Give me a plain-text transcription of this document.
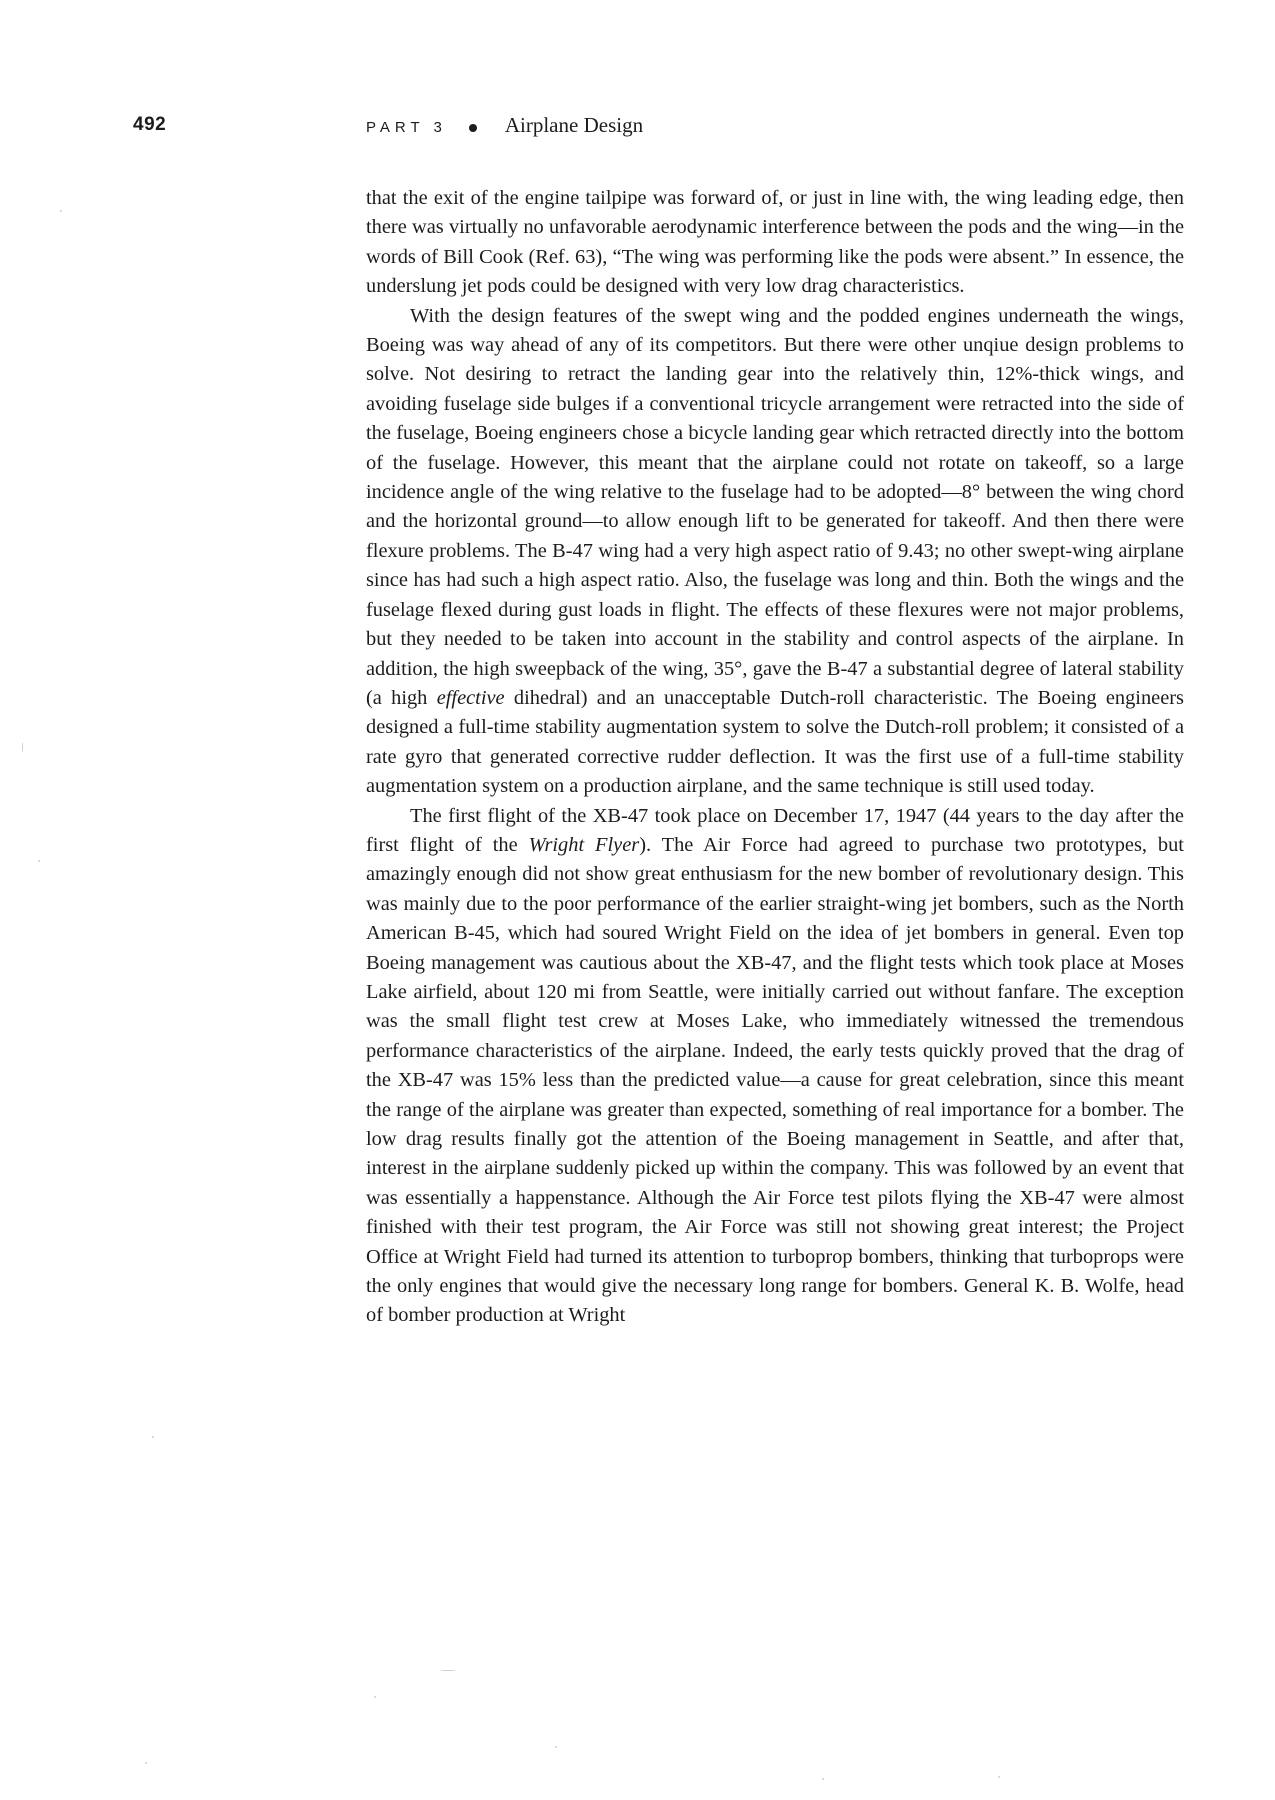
492	PART 3	Airplane Design

that the exit of the engine tailpipe was forward of, or just in line with, the wing leading edge, then there was virtually no unfavorable aerodynamic interference between the pods and the wing—in the words of Bill Cook (Ref. 63), “The wing was performing like the pods were absent.” In essence, the underslung jet pods could be designed with very low drag characteristics.

With the design features of the swept wing and the podded engines underneath the wings, Boeing was way ahead of any of its competitors. But there were other unqiue design problems to solve. Not desiring to retract the landing gear into the relatively thin, 12%-thick wings, and avoiding fuselage side bulges if a conventional tricycle arrangement were retracted into the side of the fuselage, Boeing engineers chose a bicycle landing gear which retracted directly into the bottom of the fuselage. However, this meant that the airplane could not rotate on takeoff, so a large incidence angle of the wing relative to the fuselage had to be adopted—8° between the wing chord and the horizontal ground—to allow enough lift to be generated for takeoff. And then there were flexure problems. The B-47 wing had a very high aspect ratio of 9.43; no other swept-wing airplane since has had such a high aspect ratio. Also, the fuselage was long and thin. Both the wings and the fuselage flexed during gust loads in flight. The effects of these flexures were not major problems, but they needed to be taken into account in the stability and control aspects of the airplane. In addition, the high sweepback of the wing, 35°, gave the B-47 a substantial degree of lateral stability (a high effective dihedral) and an unacceptable Dutch-roll characteristic. The Boeing engineers designed a full-time stability augmentation system to solve the Dutch-roll problem; it consisted of a rate gyro that generated corrective rudder deflection. It was the first use of a full-time stability augmentation system on a production airplane, and the same technique is still used today.

The first flight of the XB-47 took place on December 17, 1947 (44 years to the day after the first flight of the Wright Flyer). The Air Force had agreed to purchase two prototypes, but amazingly enough did not show great enthusiasm for the new bomber of revolutionary design. This was mainly due to the poor performance of the earlier straight-wing jet bombers, such as the North American B-45, which had soured Wright Field on the idea of jet bombers in general. Even top Boeing management was cautious about the XB-47, and the flight tests which took place at Moses Lake airfield, about 120 mi from Seattle, were initially carried out without fanfare. The exception was the small flight test crew at Moses Lake, who immediately witnessed the tremendous performance characteristics of the airplane. Indeed, the early tests quickly proved that the drag of the XB-47 was 15% less than the predicted value—a cause for great celebration, since this meant the range of the airplane was greater than expected, something of real importance for a bomber. The low drag results finally got the attention of the Boeing management in Seattle, and after that, interest in the airplane suddenly picked up within the company. This was followed by an event that was essentially a happenstance. Although the Air Force test pilots flying the XB-47 were almost finished with their test program, the Air Force was still not showing great interest; the Project Office at Wright Field had turned its attention to turboprop bombers, thinking that turboprops were the only engines that would give the necessary long range for bombers. General K. B. Wolfe, head of bomber production at Wright
